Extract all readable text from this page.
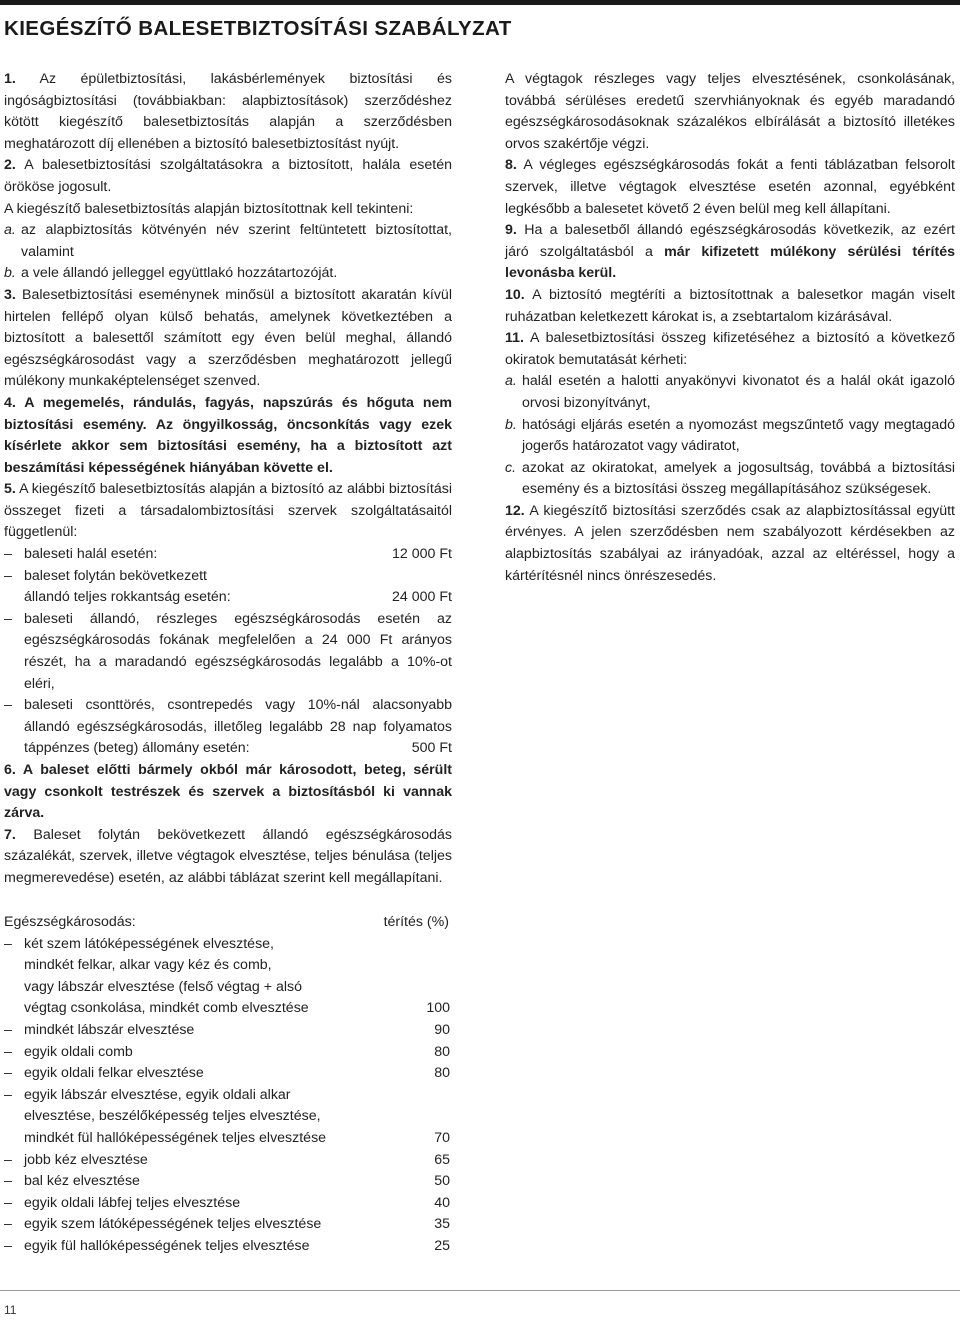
KIEGÉSZÍTŐ BALESETBIZTOSÍTÁSI SZABÁLYZAT

1. Az épületbiztosítási, lakásbérlemények biztosítási és ingóságbiztosítási (továbbiakban: alapbiztosítások) szerződéshez kötött kiegészítő balesetbiztosítás alapján a szerződésben meghatározott díj ellenében a biztosító balesetbiztosítást nyújt.

2. A balesetbiztosítási szolgáltatásokra a biztosított, halála esetén örököse jogosult.

A kiegészítő balesetbiztosítás alapján biztosítottnak kell tekinteni:

a. az alapbiztosítás kötvényén név szerint feltüntetett biztosítottat, valamint
b. a vele állandó jelleggel együttlakó hozzátartozóját.

3. Balesetbiztosítási eseménynek minősül a biztosított akaratán kívül hirtelen fellépő olyan külső behatás, amelynek következtében a biztosított a balesettől számított egy éven belül meghal, állandó egészségkárosodást vagy a szerződésben meghatározott jellegű múlékony munkaképtelenséget szenved.

4. A megemelés, rándulás, fagyás, napszúrás és hőguta nem biztosítási esemény. Az öngyilkosság, öncsonkítás vagy ezek kísérlete akkor sem biztosítási esemény, ha a biztosított azt beszámítási képességének hiányában követte el.

5. A kiegészítő balesetbiztosítás alapján a biztosító az alábbi biztosítási összeget fizeti a társadalombiztosítási szervek szolgáltatásaitól függetlenül:

– baleseti halál esetén:	12 000 Ft
– baleset folytán bekövetkezett
állandó teljes rokkantság esetén:	24 000 Ft
– baleseti állandó, részleges egészségkárosodás esetén az egészségkárosodás fokának megfelelően a 24 000 Ft arányos részét, ha a maradandó egészségkárosodás legalább a 10%-ot eléri,
– baleseti csonttörés, csontrepedés vagy 10%-nál alacsonyabb állandó egészségkárosodás, illetőleg legalább 28 nap folyamatos táppénzes (beteg) állomány esetén:	500 Ft

6. A baleset előtti bármely okból már károsodott, beteg, sérült vagy csonkolt testrészek és szervek a biztosításból ki vannak zárva.

7. Baleset folytán bekövetkezett állandó egészségkárosodás százalékát, szervek, illetve végtagok elvesztése, teljes bénulása (teljes megmerevedése) esetén, az alábbi táblázat szerint kell megállapítani.

Egészségkárosodás:	térítés (%)
– két szem látóképességének elvesztése,
mindkét felkar, alkar vagy kéz és comb,
vagy lábszár elvesztése (felső végtag + alsó
végtag csonkolása, mindkét comb elvesztése	100
– mindkét lábszár elvesztése	90
– egyik oldali comb	80
– egyik oldali felkar elvesztése	80
– egyik lábszár elvesztése, egyik oldali alkar
elvesztése, beszélőképesség teljes elvesztése,
mindkét fül hallóképességének teljes elvesztése	70
– jobb kéz elvesztése	65
– bal kéz elvesztése	50
– egyik oldali lábfej teljes elvesztése	40
– egyik szem látóképességének teljes elvesztése	35
– egyik fül hallóképességének teljes elvesztése	25

A végtagok részleges vagy teljes elvesztésének, csonkolásának, továbbá sérüléses eredetű szervhiányoknak és egyéb maradandó egészségkárosodásoknak százalékos elbírálását a biztosító illetékes orvos szakértője végzi.

8. A végleges egészségkárosodás fokát a fenti táblázatban felsorolt szervek, illetve végtagok elvesztése esetén azonnal, egyébként legkésőbb a balesetet követő 2 éven belül meg kell állapítani.

9. Ha a balesetből állandó egészségkárosodás következik, az ezért járó szolgáltatásból a már kifizetett múlékony sérülési térítés levonásba kerül.

10. A biztosító megtéríti a biztosítottnak a balesetkor magán viselt ruházatban keletkezett károkat is, a zsebtartalom kizárásával.

11. A balesetbiztosítási összeg kifizetéséhez a biztosító a következő okiratok bemutatását kérheti:

a. halál esetén a halotti anyakönyvi kivonatot és a halál okát igazoló orvosi bizonyítványt,
b. hatósági eljárás esetén a nyomozást megszűntető vagy megtagadó jogerős határozatot vagy vádiratot,
c. azokat az okiratokat, amelyek a jogosultság, továbbá a biztosítási esemény és a biztosítási összeg megállapításához szükségesek.

12. A kiegészítő biztosítási szerződés csak az alapbiztosítással együtt érvényes. A jelen szerződésben nem szabályozott kérdésekben az alapbiztosítás szabályai az irányadóak, azzal az eltéréssel, hogy a kártérítésnél nincs önrészesedés.

11
